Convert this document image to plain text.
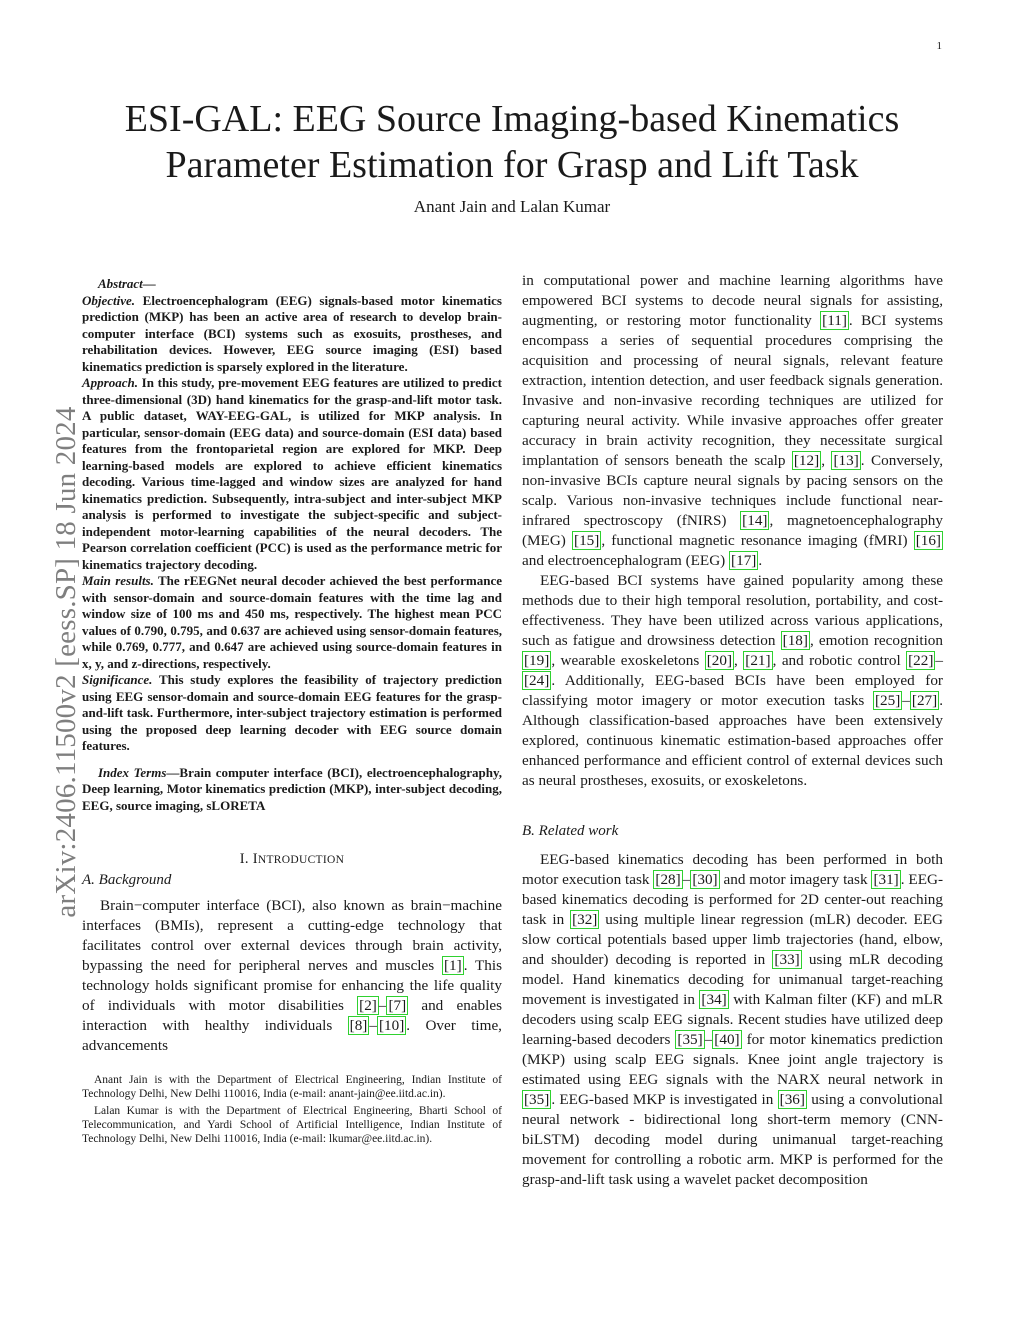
1
arXiv:2406.11500v2 [eess.SP] 18 Jun 2024
ESI-GAL: EEG Source Imaging-based Kinematics
Parameter Estimation for Grasp and Lift Task
Anant Jain and Lalan Kumar
Abstract—

Objective. Electroencephalogram (EEG) signals-based motor kinematics prediction (MKP) has been an active area of research to develop brain-computer interface (BCI) systems such as exosuits, prostheses, and rehabilitation devices. However, EEG source imaging (ESI) based kinematics prediction is sparsely explored in the literature.

Approach. In this study, pre-movement EEG features are utilized to predict three-dimensional (3D) hand kinematics for the grasp-and-lift motor task. A public dataset, WAY-EEG-GAL, is utilized for MKP analysis. In particular, sensor-domain (EEG data) and source-domain (ESI data) based features from the frontoparietal region are explored for MKP. Deep learning-based models are explored to achieve efficient kinematics decoding. Various time-lagged and window sizes are analyzed for hand kinematics prediction. Subsequently, intra-subject and inter-subject MKP analysis is performed to investigate the subject-specific and subject-independent motor-learning capabilities of the neural decoders. The Pearson correlation coefficient (PCC) is used as the performance metric for kinematics trajectory decoding.

Main results. The rEEGNet neural decoder achieved the best performance with sensor-domain and source-domain features with the time lag and window size of 100 ms and 450 ms, respectively. The highest mean PCC values of 0.790, 0.795, and 0.637 are achieved using sensor-domain features, while 0.769, 0.777, and 0.647 are achieved using source-domain features in x, y, and z-directions, respectively.

Significance. This study explores the feasibility of trajectory prediction using EEG sensor-domain and source-domain EEG features for the grasp-and-lift task. Furthermore, inter-subject trajectory estimation is performed using the proposed deep learning decoder with EEG source domain features.

Index Terms—Brain computer interface (BCI), electroencephalography, Deep learning, Motor kinematics prediction (MKP), inter-subject decoding, EEG, source imaging, sLORETA

I. INTRODUCTION
A. Background

Brain−computer interface (BCI), also known as brain−machine interfaces (BMIs), represent a cutting-edge technology that facilitates control over external devices through brain activity, bypassing the need for peripheral nerves and muscles [1] . This technology holds significant promise for enhancing the life quality of individuals with motor disabilities [2] – [7] and enables interaction with healthy individuals [8] – [10] . Over time, advancements

Anant Jain is with the Department of Electrical Engineering, Indian Institute of Technology Delhi, New Delhi 110016, India (e-mail: anant-jain@ee.iitd.ac.in).

Lalan Kumar is with the Department of Electrical Engineering, Bharti School of Telecommunication, and Yardi School of Artificial Intelligence, Indian Institute of Technology Delhi, New Delhi 110016, India (e-mail: lkumar@ee.iitd.ac.in).

in computational power and machine learning algorithms have empowered BCI systems to decode neural signals for assisting, augmenting, or restoring motor functionality [11] . BCI systems encompass a series of sequential procedures comprising the acquisition and processing of neural signals, relevant feature extraction, intention detection, and user feedback signals generation. Invasive and non-invasive recording techniques are utilized for capturing neural activity. While invasive approaches offer greater accuracy in brain activity recognition, they necessitate surgical implantation of sensors beneath the scalp [12] , [13] . Conversely, non-invasive BCIs capture neural signals by pacing sensors on the scalp. Various non-invasive techniques include functional near-infrared spectroscopy (fNIRS) [14] , magnetoencephalography (MEG) [15] , functional magnetic resonance imaging (fMRI) [16] and electroencephalogram (EEG) [17] .

EEG-based BCI systems have gained popularity among these methods due to their high temporal resolution, portability, and cost-effectiveness. They have been utilized across various applications, such as fatigue and drowsiness detection [18] , emotion recognition [19] , wearable exoskeletons [20] , [21] , and robotic control [22] –[24] . Additionally, EEG-based BCIs have been employed for classifying motor imagery or motor execution tasks [25] – [27] . Although classification-based approaches have been extensively explored, continuous kinematic estimation-based approaches offer enhanced performance and efficient control of external devices such as neural prostheses, exosuits, or exoskeletons.

B. Related work

EEG-based kinematics decoding has been performed in both motor execution task [28] – [30] and motor imagery task [31] . EEG-based kinematics decoding is performed for 2D center-out reaching task in [32] using multiple linear regression (mLR) decoder. EEG slow cortical potentials based upper limb trajectories (hand, elbow, and shoulder) decoding is reported in [33] using mLR decoding model. Hand kinematics decoding for unimanual target-reaching movement is investigated in [34] with Kalman filter (KF) and mLR decoders using scalp EEG signals. Recent studies have utilized deep learning-based decoders [35] – [40] for motor kinematics prediction (MKP) using scalp EEG signals. Knee joint angle trajectory is estimated using EEG signals with the NARX neural network in [35] . EEG-based MKP is investigated in [36] using a convolutional neural network - bidirectional long short-term memory (CNN-biLSTM) decoding model during unimanual target-reaching movement for controlling a robotic arm. MKP is performed for the grasp-and-lift task using a wavelet packet decomposition
